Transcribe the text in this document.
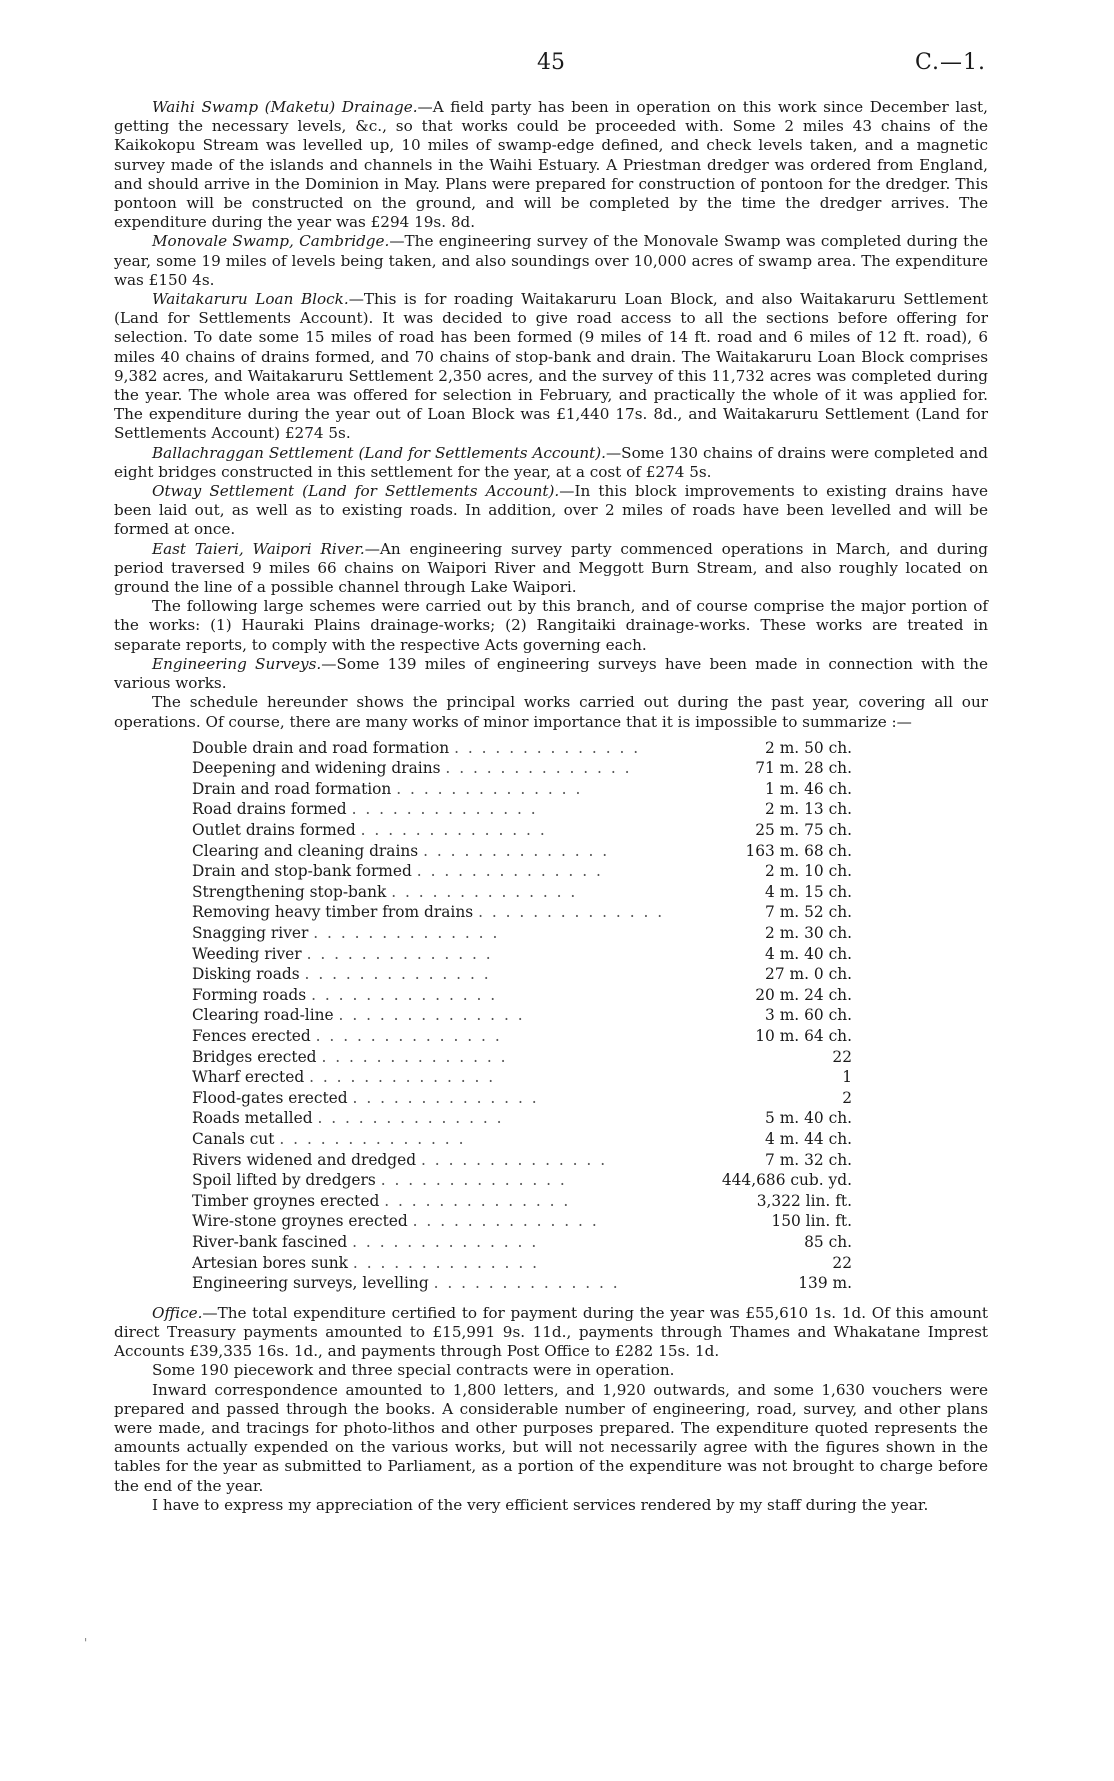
45	C.—1.

Waihi Swamp (Maketu) Drainage.—A field party has been in operation on this work since December last, getting the necessary levels, &c., so that works could be proceeded with. Some 2 miles 43 chains of the Kaikokopu Stream was levelled up, 10 miles of swamp-edge defined, and check levels taken, and a magnetic survey made of the islands and channels in the Waihi Estuary. A Priestman dredger was ordered from England, and should arrive in the Dominion in May. Plans were prepared for construction of pontoon for the dredger. This pontoon will be constructed on the ground, and will be completed by the time the dredger arrives. The expenditure during the year was £294 19s. 8d.

Monovale Swamp, Cambridge.—The engineering survey of the Monovale Swamp was completed during the year, some 19 miles of levels being taken, and also soundings over 10,000 acres of swamp area. The expenditure was £150 4s.

Waitakaruru Loan Block.—This is for roading Waitakaruru Loan Block, and also Waitakaruru Settlement (Land for Settlements Account). It was decided to give road access to all the sections before offering for selection. To date some 15 miles of road has been formed (9 miles of 14 ft. road and 6 miles of 12 ft. road), 6 miles 40 chains of drains formed, and 70 chains of stop-bank and drain. The Waitakaruru Loan Block comprises 9,382 acres, and Waitakaruru Settlement 2,350 acres, and the survey of this 11,732 acres was completed during the year. The whole area was offered for selection in February, and practically the whole of it was applied for. The expenditure during the year out of Loan Block was £1,440 17s. 8d., and Waitakaruru Settlement (Land for Settlements Account) £274 5s.

Ballachraggan Settlement (Land for Settlements Account).—Some 130 chains of drains were completed and eight bridges constructed in this settlement for the year, at a cost of £274 5s.

Otway Settlement (Land for Settlements Account).—In this block improvements to existing drains have been laid out, as well as to existing roads. In addition, over 2 miles of roads have been levelled and will be formed at once.

East Taieri, Waipori River.—An engineering survey party commenced operations in March, and during period traversed 9 miles 66 chains on Waipori River and Meggott Burn Stream, and also roughly located on ground the line of a possible channel through Lake Waipori.

The following large schemes were carried out by this branch, and of course comprise the major portion of the works: (1) Hauraki Plains drainage-works; (2) Rangitaiki drainage-works. These works are treated in separate reports, to comply with the respective Acts governing each.

Engineering Surveys.—Some 139 miles of engineering surveys have been made in connection with the various works.

The schedule hereunder shows the principal works carried out during the past year, covering all our operations. Of course, there are many works of minor importance that it is impossible to summarize :—

Double drain and road formation . . . . . . . . . . . . . .	2 m. 50 ch.
Deepening and widening drains . . . . . . . . . . . . . .	71 m. 28 ch.
Drain and road formation . . . . . . . . . . . . . .	1 m. 46 ch.
Road drains formed . . . . . . . . . . . . . .	2 m. 13 ch.
Outlet drains formed . . . . . . . . . . . . . .	25 m. 75 ch.
Clearing and cleaning drains . . . . . . . . . . . . . .	163 m. 68 ch.
Drain and stop-bank formed . . . . . . . . . . . . . .	2 m. 10 ch.
Strengthening stop-bank . . . . . . . . . . . . . .	4 m. 15 ch.
Removing heavy timber from drains . . . . . . . . . . . . . .	7 m. 52 ch.
Snagging river . . . . . . . . . . . . . .	2 m. 30 ch.
Weeding river . . . . . . . . . . . . . .	4 m. 40 ch.
Disking roads . . . . . . . . . . . . . .	27 m. 0 ch.
Forming roads . . . . . . . . . . . . . .	20 m. 24 ch.
Clearing road-line . . . . . . . . . . . . . .	3 m. 60 ch.
Fences erected . . . . . . . . . . . . . .	10 m. 64 ch.
Bridges erected . . . . . . . . . . . . . .	22
Wharf erected . . . . . . . . . . . . . .	1
Flood-gates erected . . . . . . . . . . . . . .	2
Roads metalled . . . . . . . . . . . . . .	5 m. 40 ch.
Canals cut . . . . . . . . . . . . . .	4 m. 44 ch.
Rivers widened and dredged . . . . . . . . . . . . . .	7 m. 32 ch.
Spoil lifted by dredgers . . . . . . . . . . . . . .	444,686 cub. yd.
Timber groynes erected . . . . . . . . . . . . . .	3,322 lin. ft.
Wire-stone groynes erected . . . . . . . . . . . . . .	150 lin. ft.
River-bank fascined . . . . . . . . . . . . . .	85 ch.
Artesian bores sunk . . . . . . . . . . . . . .	22
Engineering surveys, levelling . . . . . . . . . . . . . .	139 m.

Office.—The total expenditure certified to for payment during the year was £55,610 1s. 1d. Of this amount direct Treasury payments amounted to £15,991 9s. 11d., payments through Thames and Whakatane Imprest Accounts £39,335 16s. 1d., and payments through Post Office to £282 15s. 1d.

Some 190 piecework and three special contracts were in operation.

Inward correspondence amounted to 1,800 letters, and 1,920 outwards, and some 1,630 vouchers were prepared and passed through the books. A considerable number of engineering, road, survey, and other plans were made, and tracings for photo-lithos and other purposes prepared. The expenditure quoted represents the amounts actually expended on the various works, but will not necessarily agree with the figures shown in the tables for the year as submitted to Parliament, as a portion of the expenditure was not brought to charge before the end of the year.

I have to express my appreciation of the very efficient services rendered by my staff during the year.

'
